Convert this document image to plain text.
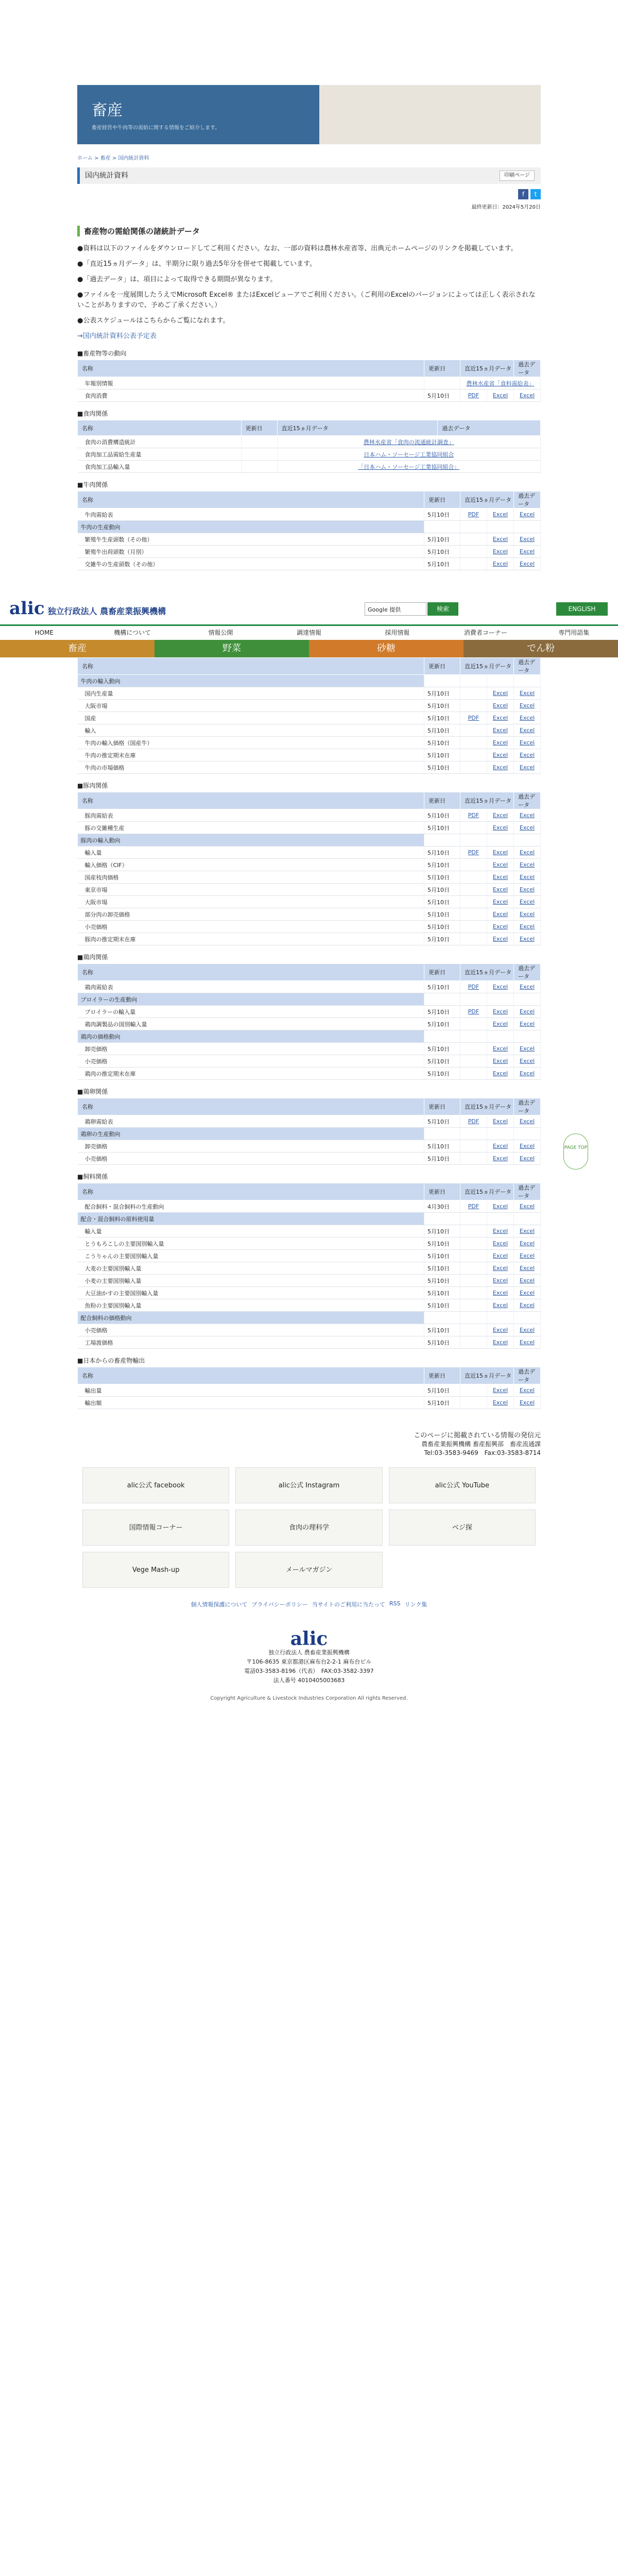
畜産

畜産経営や牛肉等の需給に関する情報をご紹介します。

ホーム > 畜産 > 国内統計資料
国内統計資料	印刷ページ
f t
最終更新日：2024年5月20日
畜産物の需給関係の諸統計データ

●資料は以下のファイルをダウンロードしてご利用ください。なお、一部の資料は農林水産省等、出典元ホームページのリンクを掲載しています。

●「直近15ヵ月データ」は、半期分に限り過去5年分を併せて掲載しています。

●「過去データ」は、項目によって取得できる期間が異なります。

●ファイルを一度展開したうえでMicrosoft Excel® またはExcelビューアでご利用ください。（ご利用のExcelのバージョンによっては正しく表示されないことがありますので、予めご了承ください。）

●公表スケジュールはこちらからご覧になれます。

→国内統計資料公表予定表

■畜産物等の動向
名称	更新日	直近15ヵ月データ		過去データ
年報別情報		農林水産省「食料需給表」		
食肉消費	5月10日	PDF	Excel	Excel
■食肉関係
名称	更新日	直近15ヵ月データ	過去データ
食肉の消費構造統計		農林水産省「食肉の流通統計調査」	
食肉加工品需給生産量		日本ハム・ソーセージ工業協同組合	
食肉加工品輸入量		「日本ハム・ソーセージ工業協同組合」	
■牛肉関係
名称	更新日	直近15ヵ月データ		過去データ
牛肉需給表	5月10日	PDF	Excel	Excel
牛肉の生産動向				
繁殖牛生産頭数（その他）	5月10日		Excel	Excel
繁殖牛出荷頭数（月別）	5月10日		Excel	Excel
交雑牛の生産頭数（その他）	5月10日		Excel	Excel
alic 独立行政法人 農畜産業振興機構	Google 提供	検索	ENGLISH
HOME	機構について	情報公開	調達情報	採用情報	消費者コーナー	専門用語集
畜産	野菜	砂糖	でん粉
名称	更新日	直近15ヵ月データ		過去データ
牛肉の輸入動向				
国内生産量	5月10日		Excel	Excel
大阪市場	5月10日		Excel	Excel
国産	5月10日	PDF	Excel	Excel
輸入	5月10日		Excel	Excel
牛肉の輸入価格（国産牛）	5月10日		Excel	Excel
牛肉の推定期末在庫	5月10日		Excel	Excel
牛肉の市場価格	5月10日		Excel	Excel
■豚肉関係
名称	更新日	直近15ヵ月データ		過去データ
豚肉需給表	5月10日	PDF	Excel	Excel
豚の交雑種生産	5月10日		Excel	Excel
豚肉の輸入動向				
輸入量	5月10日	PDF	Excel	Excel
輸入価格（CIF）	5月10日		Excel	Excel
国産枝肉価格	5月10日		Excel	Excel
東京市場	5月10日		Excel	Excel
大阪市場	5月10日		Excel	Excel
部分肉の卸売価格	5月10日		Excel	Excel
小売価格	5月10日		Excel	Excel
豚肉の推定期末在庫	5月10日		Excel	Excel
■鶏肉関係
名称	更新日	直近15ヵ月データ		過去データ
鶏肉需給表	5月10日	PDF	Excel	Excel
ブロイラーの生産動向				
ブロイラーの輸入量	5月10日	PDF	Excel	Excel
鶏肉調製品の国別輸入量	5月10日		Excel	Excel
鶏肉の価格動向				
卸売価格	5月10日		Excel	Excel
小売価格	5月10日		Excel	Excel
鶏肉の推定期末在庫	5月10日		Excel	Excel
■鶏卵関係
名称	更新日	直近15ヵ月データ		過去データ
鶏卵需給表	5月10日	PDF	Excel	Excel
鶏卵の生産動向				
卸売価格	5月10日		Excel	Excel
小売価格	5月10日		Excel	Excel
■飼料関係
名称	更新日	直近15ヵ月データ		過去データ
配合飼料・混合飼料の生産動向	4月30日	PDF	Excel	Excel
配合・混合飼料の原料使用量				
輸入量	5月10日		Excel	Excel
とうもろこしの主要国別輸入量	5月10日		Excel	Excel
こうりゃんの主要国別輸入量	5月10日		Excel	Excel
大麦の主要国別輸入量	5月10日		Excel	Excel
小麦の主要国別輸入量	5月10日		Excel	Excel
大豆油かすの主要国別輸入量	5月10日		Excel	Excel
魚粉の主要国別輸入量	5月10日		Excel	Excel
配合飼料の価格動向				
小売価格	5月10日		Excel	Excel
工場渡価格	5月10日		Excel	Excel
■日本からの畜産物輸出
名称	更新日	直近15ヵ月データ		過去データ
輸出量	5月10日		Excel	Excel
輸出額	5月10日		Excel	Excel
このページに掲載されている情報の発信元
農畜産業振興機構 畜産振興部　畜産流通課
Tel:03-3583-9469　Fax:03-3583-8714
alic公式 facebook	alic公式 Instagram	alic公式 YouTube
国際情報コーナー	食肉の理科学	ベジ探
Vege Mash-up	メールマガジン
個人情報保護について プライバシーポリシー 当サイトのご利用に当たって RSS リンク集
alic
独立行政法人 農畜産業振興機構
〒106-8635 東京都港区麻布台2-2-1 麻布台ビル
電話03-3583-8196（代表）　FAX:03-3582-3397
法人番号 4010405003683
Copyright Agriculture & Livestock Industries Corporation All rights Reserved.
PAGE TOP
